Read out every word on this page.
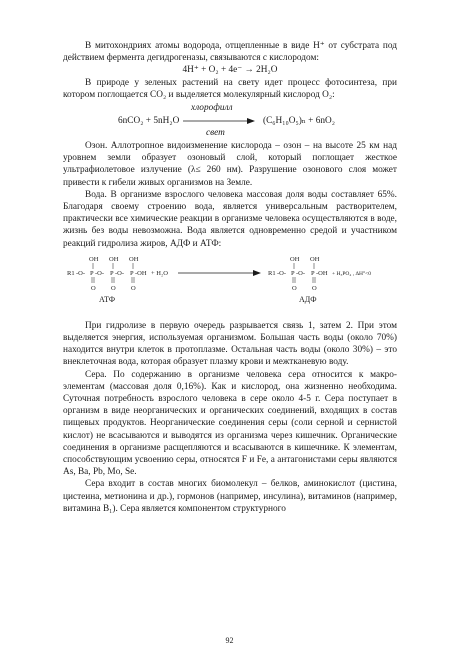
В митохондриях атомы водорода, отщепленные в виде H⁺ от субстрата под действием фермента дегидрогеназы, связываются с кислородом:

4H⁺ + O₂ + 4e⁻ → 2H₂O

В природе у зеленых растений на свету идет процесс фотосинтеза, при котором поглощается CO₂ и выделяется молекулярный кислород O₂:

хлорофилл
6nCO₂ + 5nH₂O	(C₆H₁₀O₅)ₙ + 6nO₂
свет

Озон. Аллотропное видоизменение кислорода – озон – на высоте 25 км над уровнем земли образует озоновый слой, который поглощает жесткое ультрафиолетовое излучение (λ≤ 260 нм). Разрушение озонового слоя может привести к гибели живых организмов на Земле.

Вода. В организме взрослого человека массовая доля воды составляет 65%. Благодаря своему строению вода, является универсальным растворителем, практически все химические реакции в организме человека осуществляются в воде, жизнь без воды невозможна. Вода является одновременно средой и участником реакций гидролиза жиров, АДФ и АТФ:

OH OH OH
R1 -O- P -O- P -O- P -OH
O O O
+ H₂O
АТФ
OH OH
R1 -O- P -O- P -OH
O O
+ H₃PO₄ , ΔH°<0
АДФ

При гидролизе в первую очередь разрывается связь 1, затем 2. При этом выделяется энергия, используемая организмом. Большая часть воды (около 70%) находится внутри клеток в протоплазме. Остальная часть воды (около 30%) – это внеклеточная вода, которая образует плазму крови и межтканевую воду.

Сера. По содержанию в организме человека сера относится к макро-элементам (массовая доля 0,16%). Как и кислород, она жизненно необходима. Суточная потребность взрослого человека в сере около 4-5 г. Сера поступает в организм в виде неорганических и органических соединений, входящих в состав пищевых продуктов. Неорганические соединения серы (соли серной и сернистой кислот) не всасываются и выводятся из организма через кишечник. Органические соединения в организме расщепляются и всасываются в кишечнике. К элементам, способствующим усвоению серы, относятся F и Fe, а антагонистами серы являются As, Ba, Pb, Mo, Se.

Сера входит в состав многих биомолекул – белков, аминокислот (цистина, цистеина, метионина и др.), гормонов (например, инсулина), витаминов (например, витамина B₁). Сера является компонентом структурного

92
